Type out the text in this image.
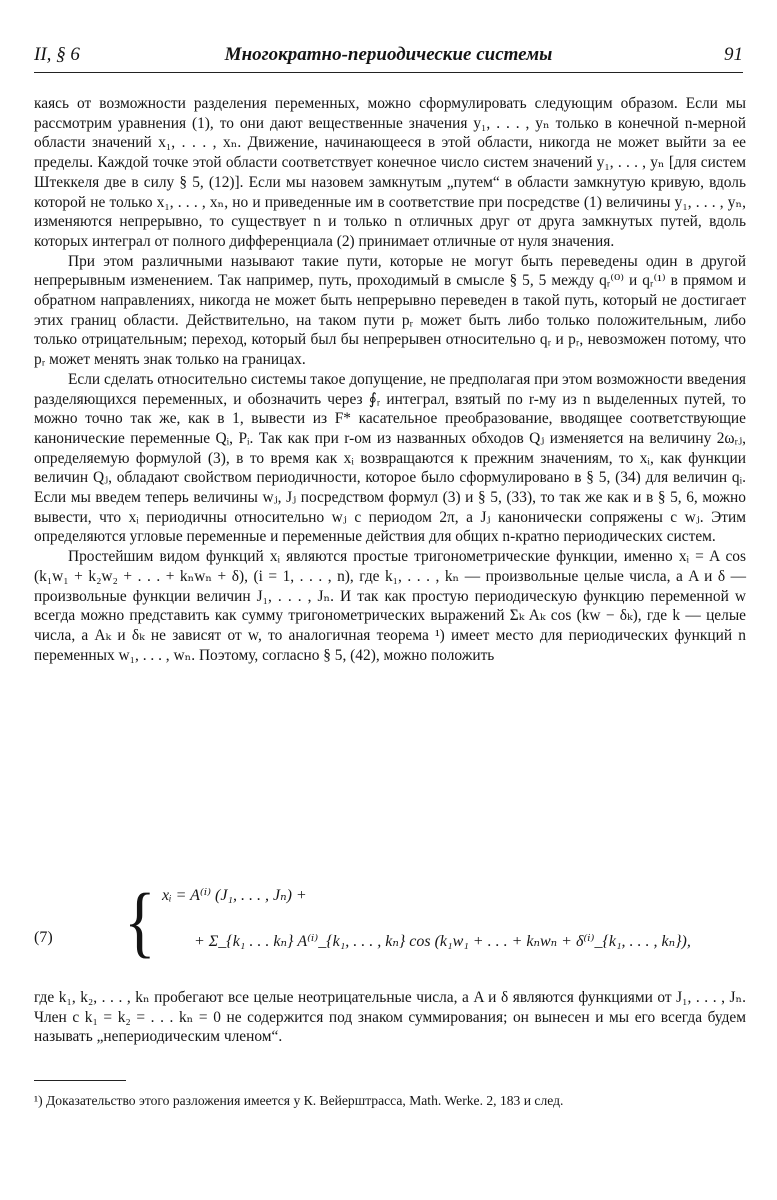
II, § 6	Многократно-периодические системы	91

каясь от возможности разделения переменных, можно сформулировать следующим образом. Если мы рассмотрим уравнения (1), то они дают вещественные значения y₁, . . . , yₙ только в конечной n-мерной области значений x₁, . . . , xₙ. Движение, начинающееся в этой области, никогда не может выйти за ее пределы. Каждой точке этой области соответствует конечное число систем значений y₁, . . . , yₙ [для систем Штеккеля две в силу § 5, (12)]. Если мы назовем замкнутым „путем“ в области замкнутую кривую, вдоль которой не только x₁, . . . , xₙ, но и приведенные им в соответствие при посредстве (1) величины y₁, . . . , yₙ, изменяются непрерывно, то существует n и только n отличных друг от друга замкнутых путей, вдоль которых интеграл от полного дифференциала (2) принимает отличные от нуля значения.

При этом различными называют такие пути, которые не могут быть переведены один в другой непрерывным изменением. Так например, путь, проходимый в смысле § 5, 5 между qᵣ⁽⁰⁾ и qᵣ⁽¹⁾ в прямом и обратном направлениях, никогда не может быть непрерывно переведен в такой путь, который не достигает этих границ области. Действительно, на таком пути pᵣ может быть либо только положительным, либо только отрицательным; переход, который был бы непрерывен относительно qᵣ и pᵣ, невозможен потому, что pᵣ может менять знак только на границах.

Если сделать относительно системы такое допущение, не предполагая при этом возможности введения разделяющихся переменных, и обозначить через ∮ᵣ интеграл, взятый по r-му из n выделенных путей, то можно точно так же, как в 1, вывести из F* касательное преобразование, вводящее соответствующие канонические переменные Qᵢ, Pᵢ. Так как при r-ом из названных обходов Qⱼ изменяется на величину 2ωᵣⱼ, определяемую формулой (3), в то время как xᵢ возвращаются к прежним значениям, то xᵢ, как функции величин Qⱼ, обладают свойством периодичности, которое было сформулировано в § 5, (34) для величин qᵢ. Если мы введем теперь величины wⱼ, Jⱼ посредством формул (3) и § 5, (33), то так же как и в § 5, 6, можно вывести, что xᵢ периодичны относительно wⱼ с периодом 2π, а Jⱼ канонически сопряжены с wⱼ. Этим определяются угловые переменные и переменные действия для общих n-кратно периодических систем.

Простейшим видом функций xᵢ являются простые тригонометрические функции, именно xᵢ = A cos (k₁w₁ + k₂w₂ + . . . + kₙwₙ + δ), (i = 1, . . . , n), где k₁, . . . , kₙ — произвольные целые числа, а A и δ — произвольные функции величин J₁, . . . , Jₙ. И так как простую периодическую функцию переменной w всегда можно представить как сумму тригонометрических выражений Σₖ Aₖ cos (kw − δₖ), где k — целые числа, а Aₖ и δₖ не зависят от w, то аналогичная теорема ¹) имеет место для периодических функций n переменных w₁, . . . , wₙ. Поэтому, согласно § 5, (42), можно положить

(7) { xᵢ = A⁽ⁱ⁾ (J₁, . . . , Jₙ) +
+ Σ_{k₁ . . . kₙ} A⁽ⁱ⁾_{k₁, . . . , kₙ} cos (k₁w₁ + . . . + kₙwₙ + δ⁽ⁱ⁾_{k₁, . . . , kₙ}),

где k₁, k₂, . . . , kₙ пробегают все целые неотрицательные числа, а A и δ являются функциями от J₁, . . . , Jₙ. Член с k₁ = k₂ = . . . kₙ = 0 не содержится под знаком суммирования; он вынесен и мы его всегда будем называть „непериодическим членом“.

¹) Доказательство этого разложения имеется у К. Вейерштрасса, Math. Werke. 2, 183 и след.
